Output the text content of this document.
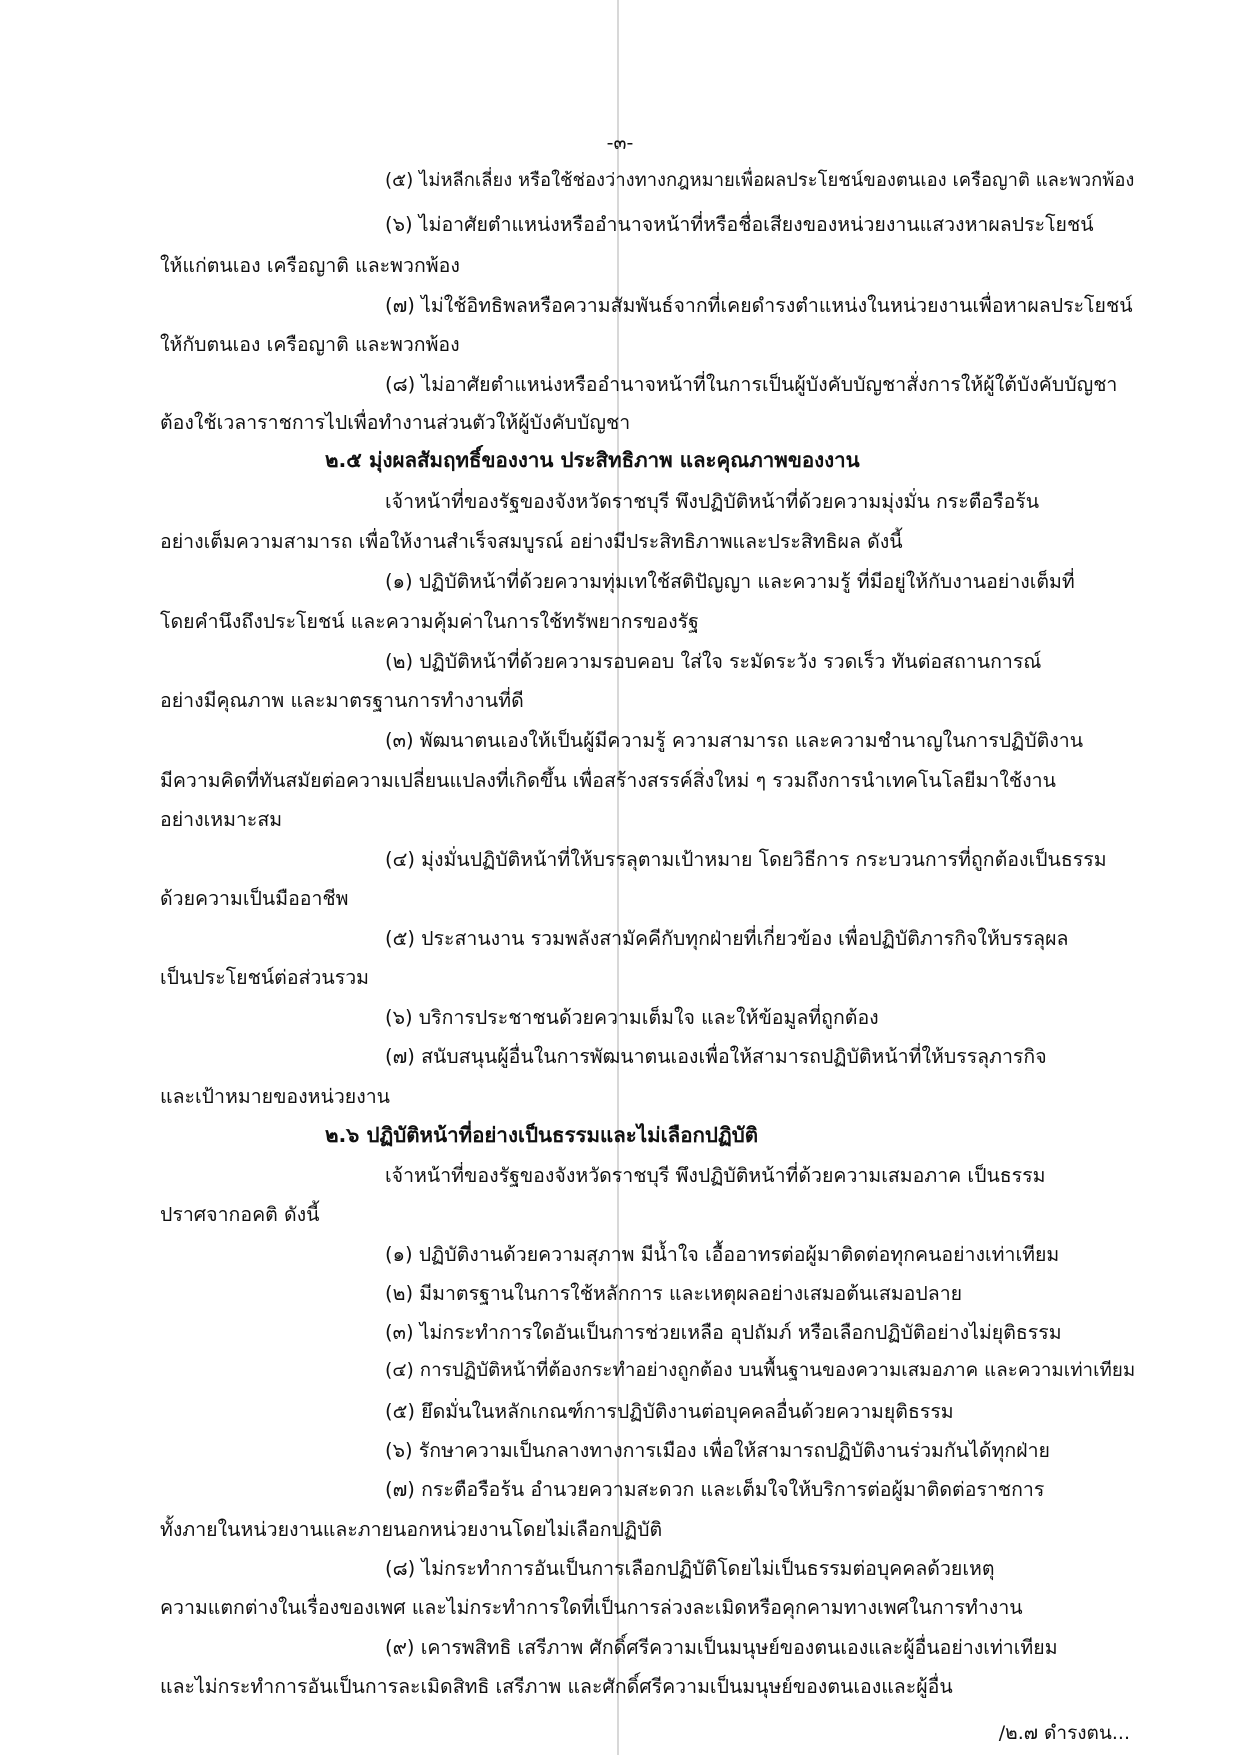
-๓-
(๕) ไม่หลีกเลี่ยง หรือใช้ช่องว่างทางกฎหมายเพื่อผลประโยชน์ของตนเอง เครือญาติ และพวกพ้อง
(๖) ไม่อาศัยตำแหน่งหรืออำนาจหน้าที่หรือชื่อเสียงของหน่วยงานแสวงหาผลประโยชน์
ให้แก่ตนเอง เครือญาติ และพวกพ้อง
(๗) ไม่ใช้อิทธิพลหรือความสัมพันธ์จากที่เคยดำรงตำแหน่งในหน่วยงานเพื่อหาผลประโยชน์
ให้กับตนเอง เครือญาติ และพวกพ้อง
(๘) ไม่อาศัยตำแหน่งหรืออำนาจหน้าที่ในการเป็นผู้บังคับบัญชาสั่งการให้ผู้ใต้บังคับบัญชา
ต้องใช้เวลาราชการไปเพื่อทำงานส่วนตัวให้ผู้บังคับบัญชา
๒.๕ มุ่งผลสัมฤทธิ์ของงาน ประสิทธิภาพ และคุณภาพของงาน
เจ้าหน้าที่ของรัฐของจังหวัดราชบุรี พึงปฏิบัติหน้าที่ด้วยความมุ่งมั่น กระตือรือร้น
อย่างเต็มความสามารถ เพื่อให้งานสำเร็จสมบูรณ์ อย่างมีประสิทธิภาพและประสิทธิผล ดังนี้
(๑) ปฏิบัติหน้าที่ด้วยความทุ่มเทใช้สติปัญญา และความรู้ ที่มีอยู่ให้กับงานอย่างเต็มที่
โดยคำนึงถึงประโยชน์ และความคุ้มค่าในการใช้ทรัพยากรของรัฐ
(๒) ปฏิบัติหน้าที่ด้วยความรอบคอบ ใส่ใจ ระมัดระวัง รวดเร็ว ทันต่อสถานการณ์
อย่างมีคุณภาพ และมาตรฐานการทำงานที่ดี
(๓) พัฒนาตนเองให้เป็นผู้มีความรู้ ความสามารถ และความชำนาญในการปฏิบัติงาน
มีความคิดที่ทันสมัยต่อความเปลี่ยนแปลงที่เกิดขึ้น เพื่อสร้างสรรค์สิ่งใหม่ ๆ รวมถึงการนำเทคโนโลยีมาใช้งาน
อย่างเหมาะสม
(๔) มุ่งมั่นปฏิบัติหน้าที่ให้บรรลุตามเป้าหมาย โดยวิธีการ กระบวนการที่ถูกต้องเป็นธรรม
ด้วยความเป็นมืออาชีพ
(๕) ประสานงาน รวมพลังสามัคคีกับทุกฝ่ายที่เกี่ยวข้อง เพื่อปฏิบัติภารกิจให้บรรลุผล
เป็นประโยชน์ต่อส่วนรวม
(๖) บริการประชาชนด้วยความเต็มใจ และให้ข้อมูลที่ถูกต้อง
(๗) สนับสนุนผู้อื่นในการพัฒนาตนเองเพื่อให้สามารถปฏิบัติหน้าที่ให้บรรลุภารกิจ
และเป้าหมายของหน่วยงาน
๒.๖ ปฏิบัติหน้าที่อย่างเป็นธรรมและไม่เลือกปฏิบัติ
เจ้าหน้าที่ของรัฐของจังหวัดราชบุรี พึงปฏิบัติหน้าที่ด้วยความเสมอภาค เป็นธรรม
ปราศจากอคติ ดังนี้
(๑) ปฏิบัติงานด้วยความสุภาพ มีน้ำใจ เอื้ออาทรต่อผู้มาติดต่อทุกคนอย่างเท่าเทียม
(๒) มีมาตรฐานในการใช้หลักการ และเหตุผลอย่างเสมอต้นเสมอปลาย
(๓) ไม่กระทำการใดอันเป็นการช่วยเหลือ อุปถัมภ์ หรือเลือกปฏิบัติอย่างไม่ยุติธรรม
(๔) การปฏิบัติหน้าที่ต้องกระทำอย่างถูกต้อง บนพื้นฐานของความเสมอภาค และความเท่าเทียม
(๕) ยึดมั่นในหลักเกณฑ์การปฏิบัติงานต่อบุคคลอื่นด้วยความยุติธรรม
(๖) รักษาความเป็นกลางทางการเมือง เพื่อให้สามารถปฏิบัติงานร่วมกันได้ทุกฝ่าย
(๗) กระตือรือร้น อำนวยความสะดวก และเต็มใจให้บริการต่อผู้มาติดต่อราชการ
ทั้งภายในหน่วยงานและภายนอกหน่วยงานโดยไม่เลือกปฏิบัติ
(๘) ไม่กระทำการอันเป็นการเลือกปฏิบัติโดยไม่เป็นธรรมต่อบุคคลด้วยเหตุ
ความแตกต่างในเรื่องของเพศ และไม่กระทำการใดที่เป็นการล่วงละเมิดหรือคุกคามทางเพศในการทำงาน
(๙) เคารพสิทธิ เสรีภาพ ศักดิ์ศรีความเป็นมนุษย์ของตนเองและผู้อื่นอย่างเท่าเทียม
และไม่กระทำการอันเป็นการละเมิดสิทธิ เสรีภาพ และศักดิ์ศรีความเป็นมนุษย์ของตนเองและผู้อื่น
/๒.๗ ดำรงตน...
